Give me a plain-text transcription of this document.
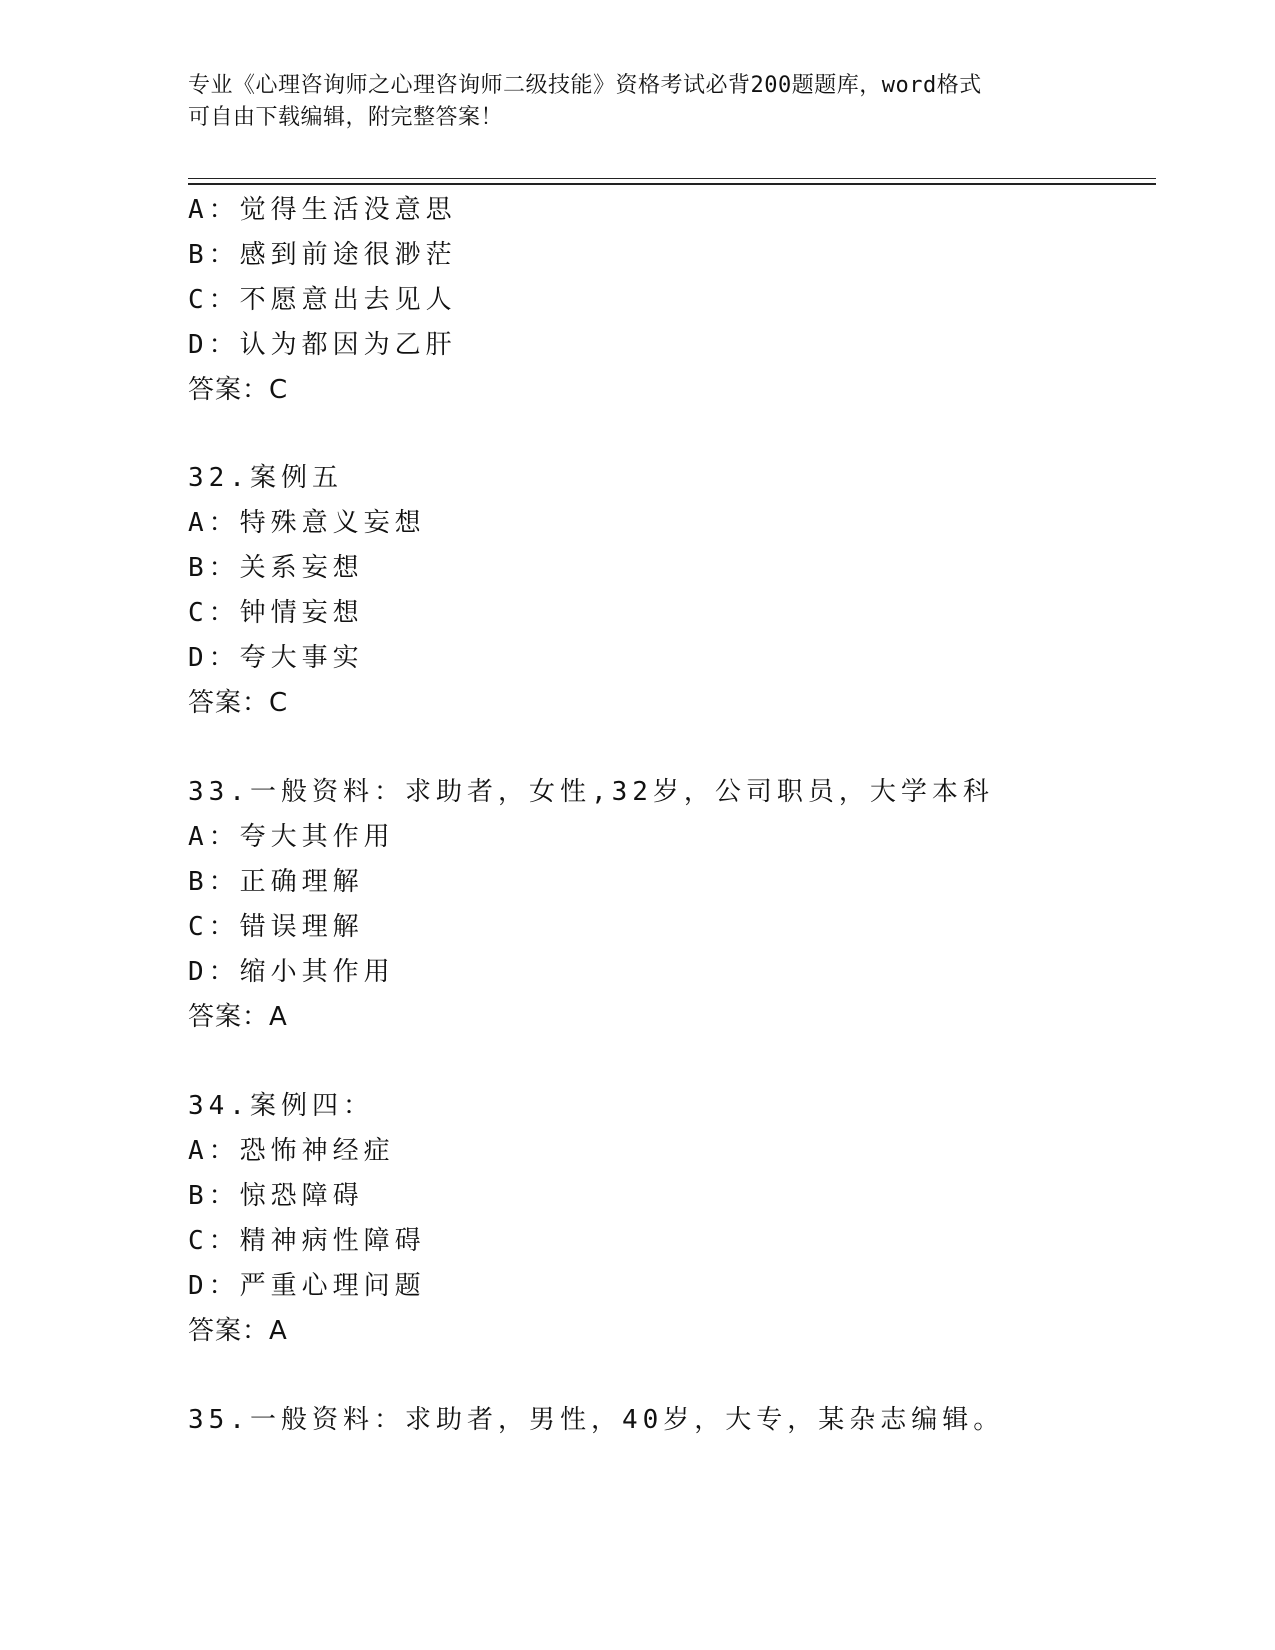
专业《心理咨询师之心理咨询师二级技能》资格考试必背200题题库，word格式
可自由下载编辑，附完整答案！
A：觉得生活没意思
B：感到前途很渺茫
C：不愿意出去见人
D：认为都因为乙肝
答案：C
32.案例五
A：特殊意义妄想
B：关系妄想
C：钟情妄想
D：夸大事实
答案：C
33.一般资料：求助者，女性,32岁，公司职员，大学本科
A：夸大其作用
B：正确理解
C：错误理解
D：缩小其作用
答案：A
34.案例四：
A：恐怖神经症
B：惊恐障碍
C：精神病性障碍
D：严重心理问题
答案：A
35.一般资料：求助者，男性，40岁，大专，某杂志编辑。
